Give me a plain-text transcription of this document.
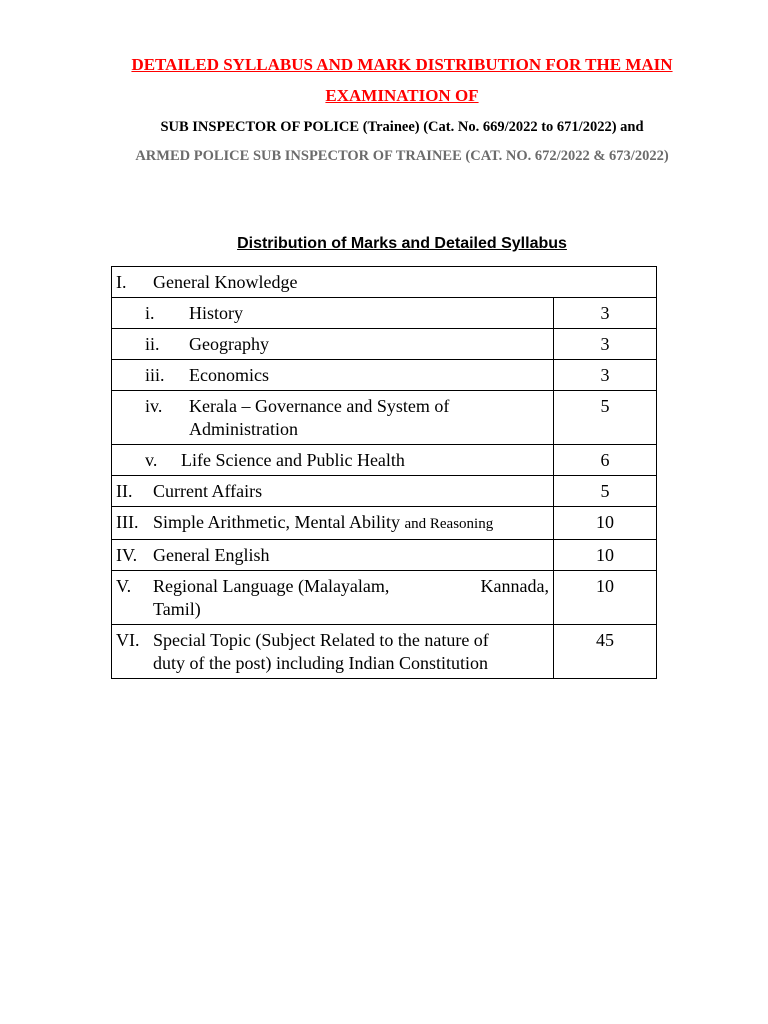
DETAILED SYLLABUS AND MARK DISTRIBUTION FOR THE MAIN
EXAMINATION OF
SUB INSPECTOR OF POLICE (Trainee) (Cat. No. 669/2022 to 671/2022) and
ARMED POLICE SUB INSPECTOR OF TRAINEE (CAT. NO. 672/2022 & 673/2022)
Distribution of Marks and Detailed Syllabus
I. General Knowledge	

i. History	3

ii. Geography	3

iii. Economics	3

iv. Kerala – Governance and System of
Administration	5

v. Life Science and Public Health	6

II. Current Affairs	5

III. Simple Arithmetic, Mental Ability and Reasoning	10

IV. General English	10

V. Regional Language (Malayalam, Kannada,
Tamil)	10

VI. Special Topic (Subject Related to the nature of
duty of the post) including Indian Constitution	45
